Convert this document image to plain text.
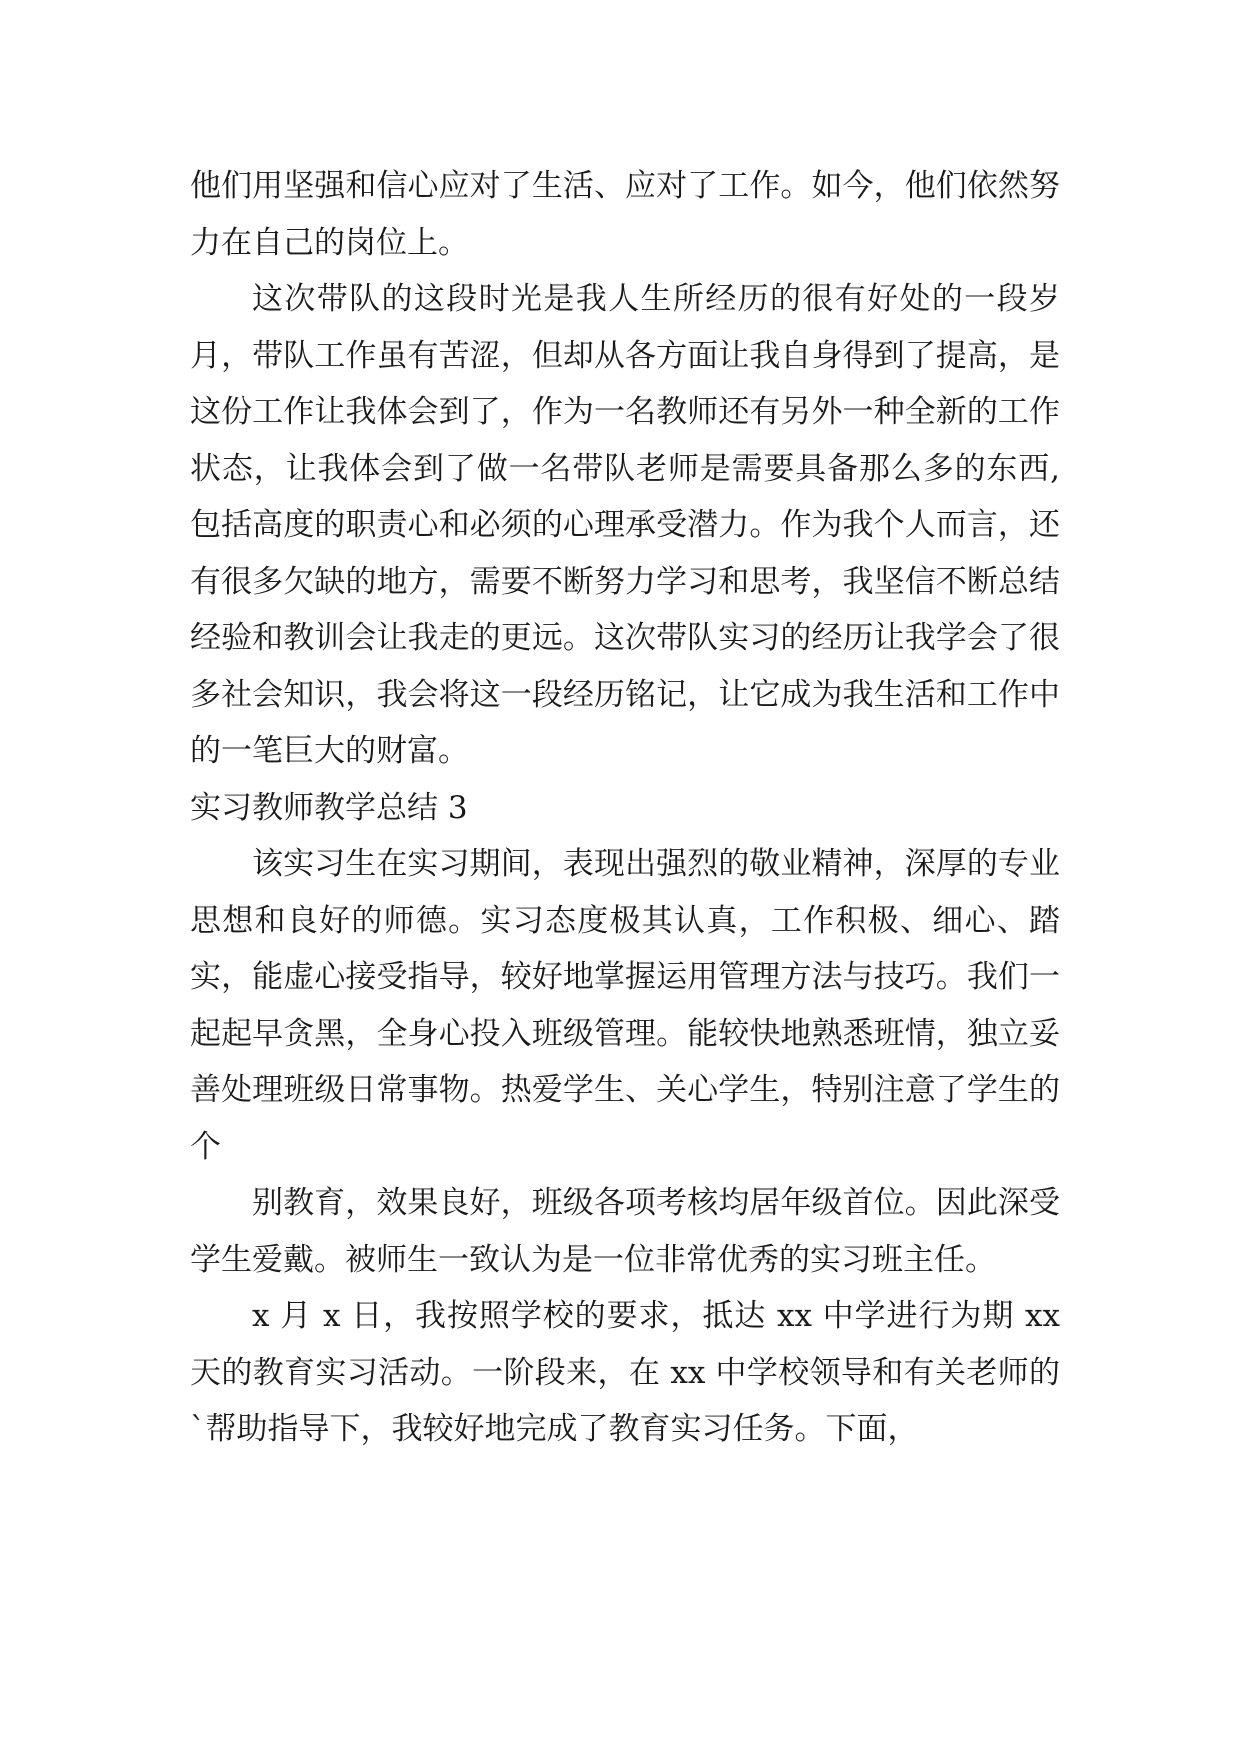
他们用坚强和信心应对了生活、应对了工作。如今，他们依然努力在自己的岗位上。

这次带队的这段时光是我人生所经历的很有好处的一段岁月，带队工作虽有苦涩，但却从各方面让我自身得到了提高，是这份工作让我体会到了，作为一名教师还有另外一种全新的工作状态，让我体会到了做一名带队老师是需要具备那么多的东西,包括高度的职责心和必须的心理承受潜力。作为我个人而言，还有很多欠缺的地方，需要不断努力学习和思考，我坚信不断总结经验和教训会让我走的更远。这次带队实习的经历让我学会了很多社会知识，我会将这一段经历铭记，让它成为我生活和工作中的一笔巨大的财富。

实习教师教学总结 3

该实习生在实习期间，表现出强烈的敬业精神，深厚的专业思想和良好的师德。实习态度极其认真，工作积极、细心、踏实，能虚心接受指导，较好地掌握运用管理方法与技巧。我们一起起早贪黑，全身心投入班级管理。能较快地熟悉班情，独立妥善处理班级日常事物。热爱学生、关心学生，特别注意了学生的个

别教育，效果良好，班级各项考核均居年级首位。因此深受学生爱戴。被师生一致认为是一位非常优秀的实习班主任。

x 月 x 日，我按照学校的要求，抵达 xx 中学进行为期 xx 天的教育实习活动。一阶段来，在 xx 中学校领导和有关老师的`帮助指导下，我较好地完成了教育实习任务。下面，
